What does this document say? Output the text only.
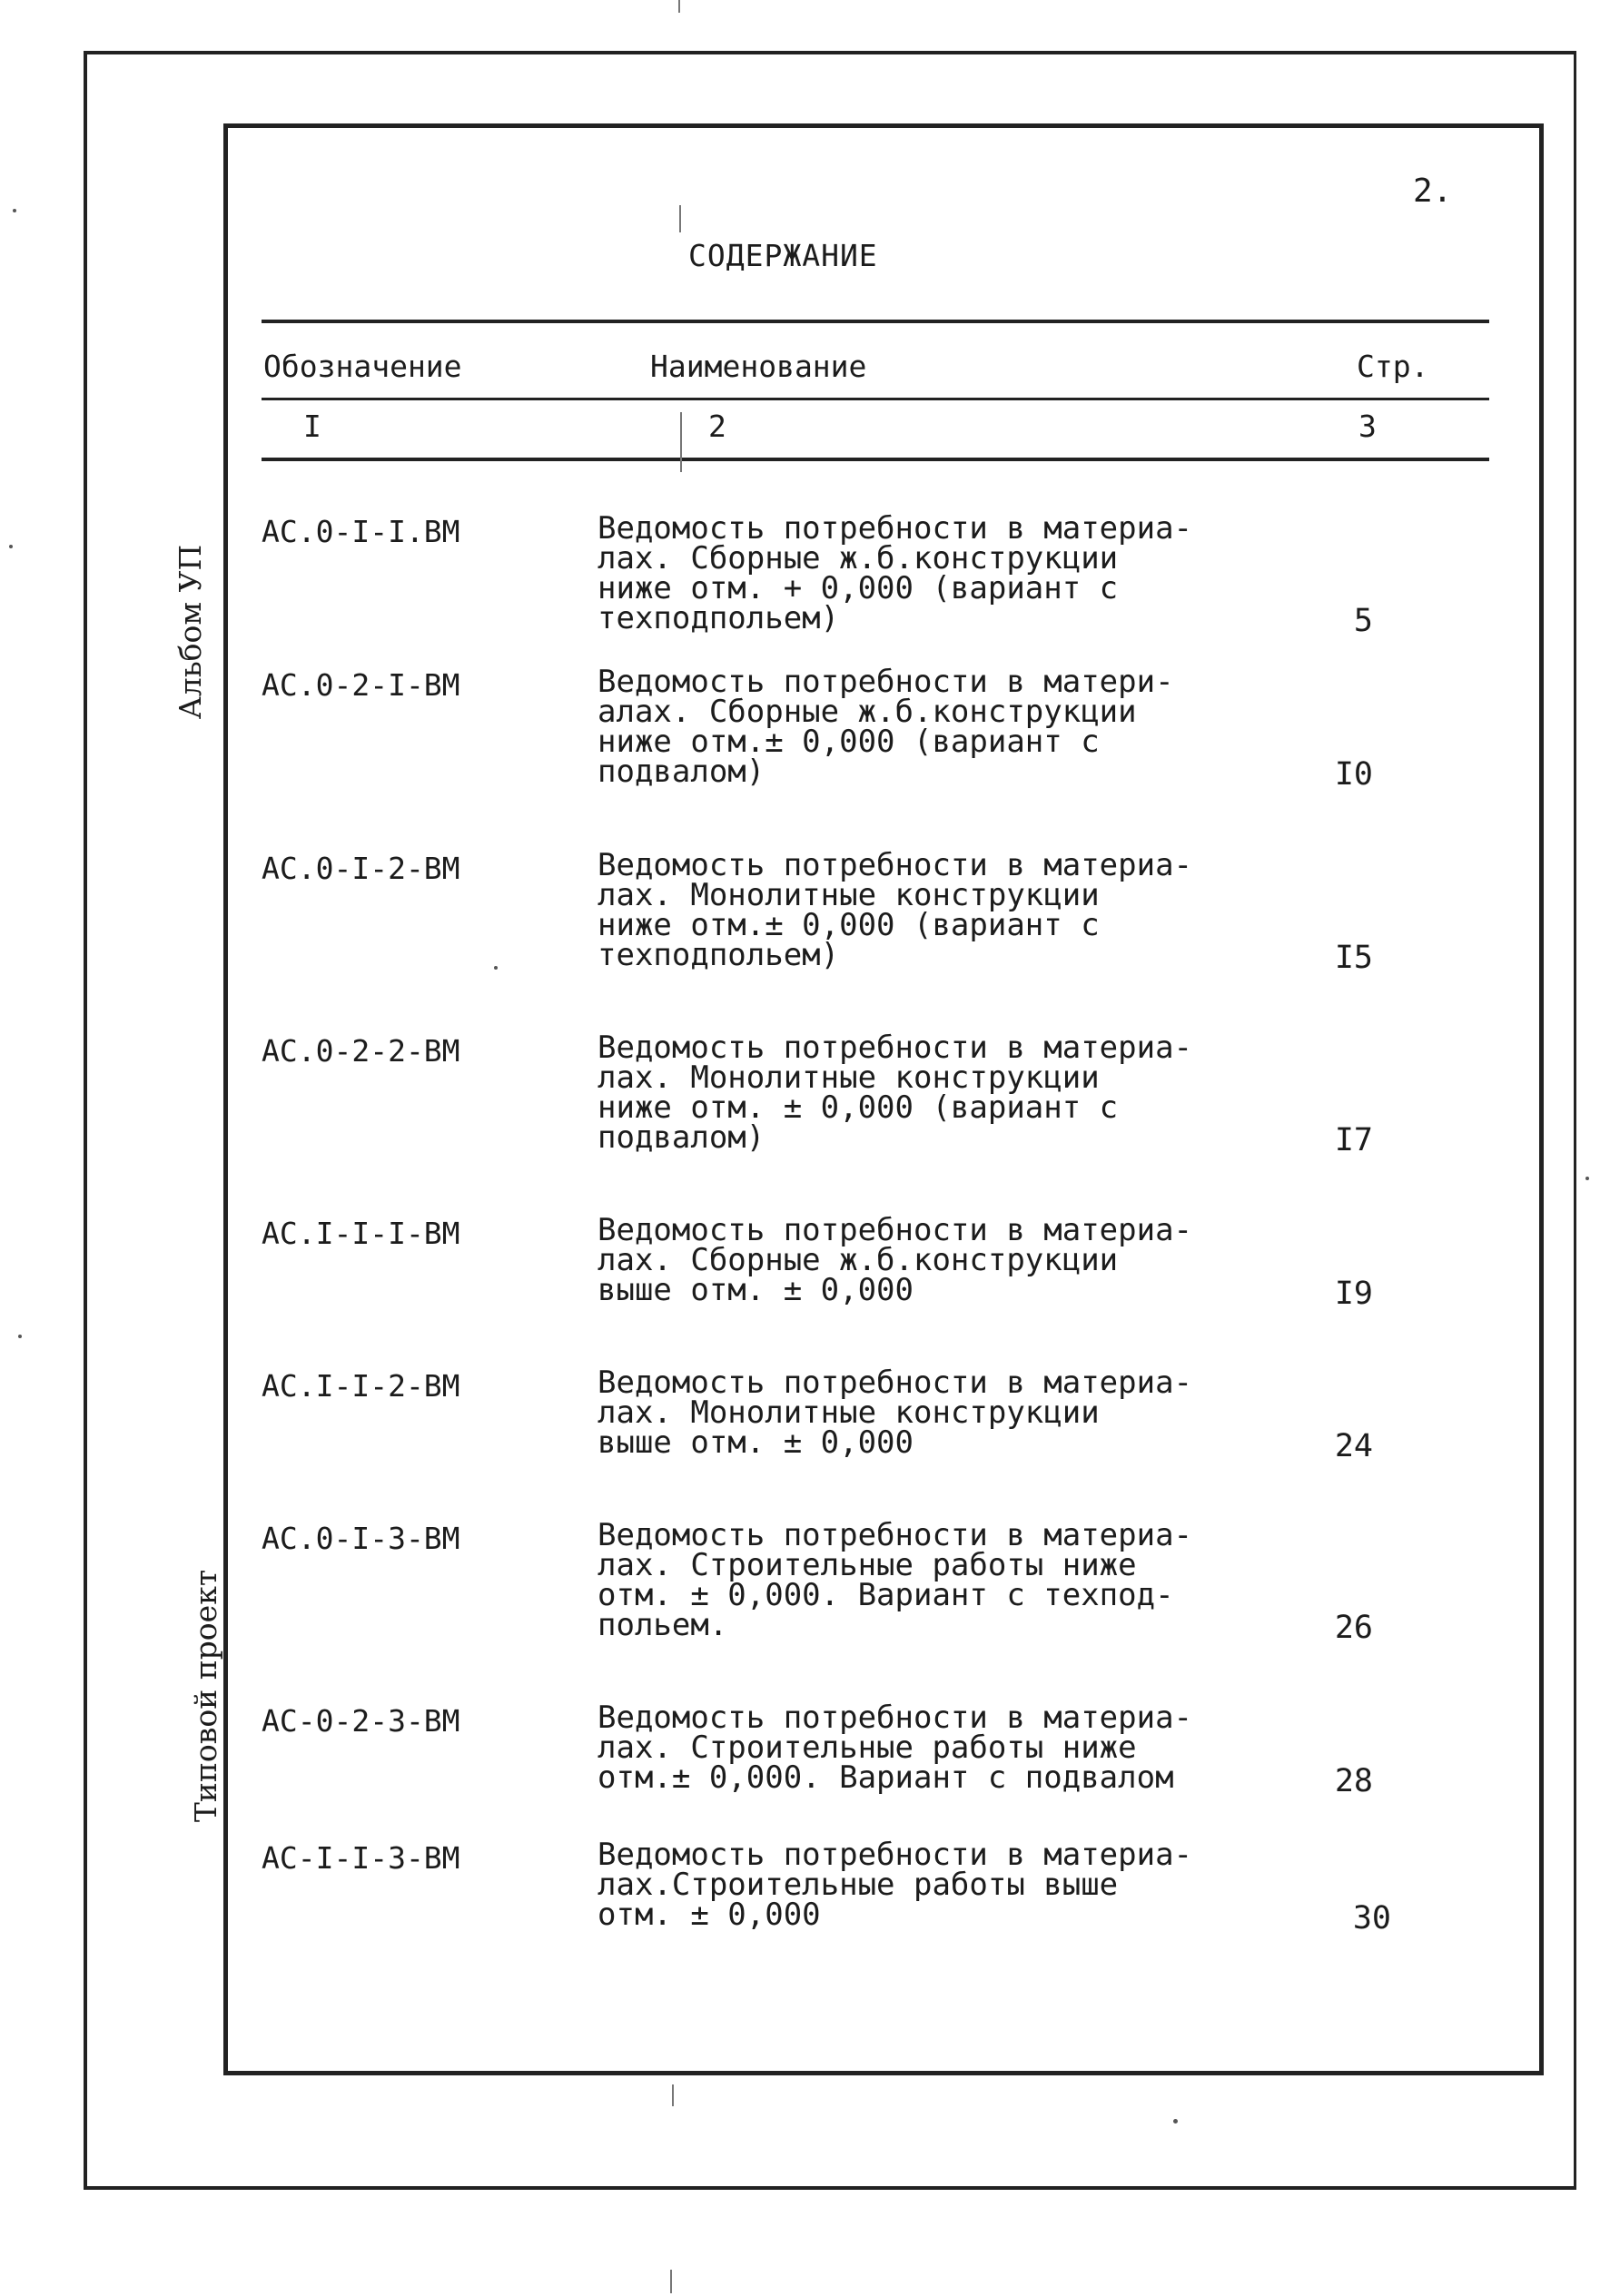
Альбом УП
Типовой проект
2.
СОДЕРЖАНИЕ
Обозначение	Наименование	Стр.
I	2	3
АС.0-I-I.ВМ	Ведомость потребности в материа-
лах. Сборные ж.б.конструкции
ниже отм. + 0,000 (вариант с
техподпольем)	5
АС.0-2-I-ВМ	Ведомость потребности в матери-
алах. Сборные ж.б.конструкции
ниже отм.± 0,000 (вариант с
подвалом)	I0
АС.0-I-2-ВМ	Ведомость потребности в материа-
лах. Монолитные конструкции
ниже отм.± 0,000 (вариант с
техподпольем)	I5
АС.0-2-2-ВМ	Ведомость потребности в материа-
лах. Монолитные конструкции
ниже отм. ± 0,000 (вариант с
подвалом)	I7
АС.I-I-I-ВМ	Ведомость потребности в материа-
лах. Сборные ж.б.конструкции
выше отм. ± 0,000	I9
АС.I-I-2-ВМ	Ведомость потребности в материа-
лах. Монолитные конструкции
выше отм. ± 0,000	24
АС.0-I-3-ВМ	Ведомость потребности в материа-
лах. Строительные работы ниже
отм. ± 0,000. Вариант с техпод-
польем.	26
АС-0-2-3-ВМ	Ведомость потребности в материа-
лах. Строительные работы ниже
отм.± 0,000. Вариант с подвалом	28
АС-I-I-3-ВМ	Ведомость потребности в материа-
лах.Строительные работы выше
отм. ± 0,000	30
